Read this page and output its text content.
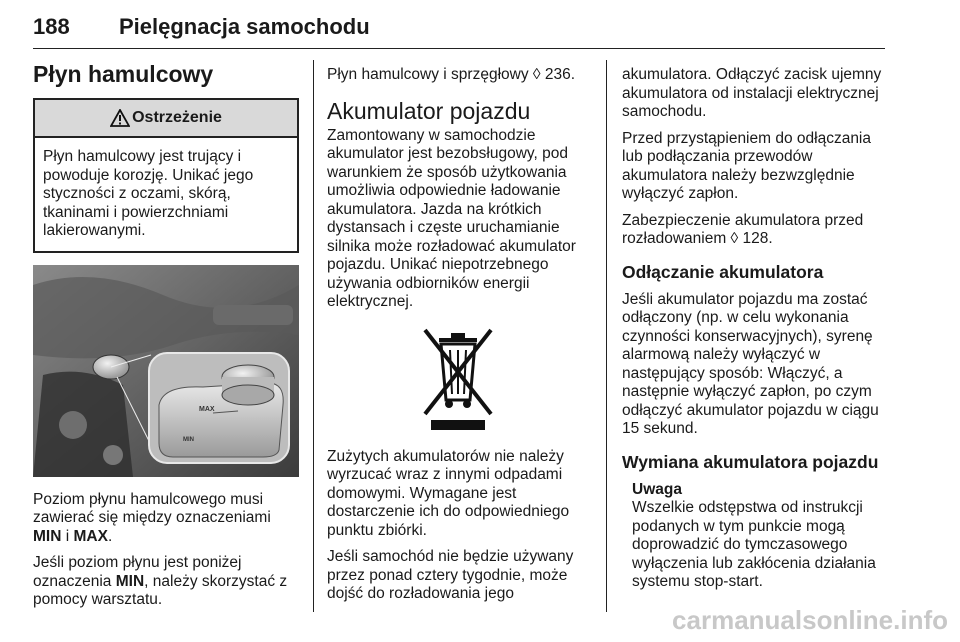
188 Pielęgnacja samochodu
Płyn hamulcowy
Ostrzeżenie
Płyn hamulcowy jest trujący i powoduje korozję. Unikać jego styczności z oczami, skórą, tkaninami i powierzchniami lakierowanymi.
MAX
MIN

Poziom płynu hamulcowego musi zawierać się między oznaczeniami MIN i MAX.

Jeśli poziom płynu jest poniżej oznaczenia MIN, należy skorzystać z pomocy warsztatu.

Płyn hamulcowy i sprzęgłowy ◊ 236.

Akumulator pojazdu

Zamontowany w samochodzie akumulator jest bezobsługowy, pod warunkiem że sposób użytkowania umożliwia odpowiednie ładowanie akumulatora. Jazda na krótkich dystansach i częste uruchamianie silnika może rozładować akumulator pojazdu. Unikać niepotrzebnego używania odbiorników energii elektrycznej.

Zużytych akumulatorów nie należy wyrzucać wraz z innymi odpadami domowymi. Wymagane jest dostarczenie ich do odpowiedniego punktu zbiórki.

Jeśli samochód nie będzie używany przez ponad cztery tygodnie, może dojść do rozładowania jego

akumulatora. Odłączyć zacisk ujemny akumulatora od instalacji elektrycznej samochodu.

Przed przystąpieniem do odłączania lub podłączania przewodów akumulatora należy bezwzględnie wyłączyć zapłon.

Zabezpieczenie akumulatora przed rozładowaniem ◊ 128.

Odłączanie akumulatora

Jeśli akumulator pojazdu ma zostać odłączony (np. w celu wykonania czynności konserwacyjnych), syrenę alarmową należy wyłączyć w następujący sposób: Włączyć, a następnie wyłączyć zapłon, po czym odłączyć akumulator pojazdu w ciągu 15 sekund.

Wymiana akumulatora pojazdu
Uwaga

Wszelkie odstępstwa od instrukcji podanych w tym punkcie mogą doprowadzić do tymczasowego wyłączenia lub zakłócenia działania systemu stop-start.

carmanualsonline.info
